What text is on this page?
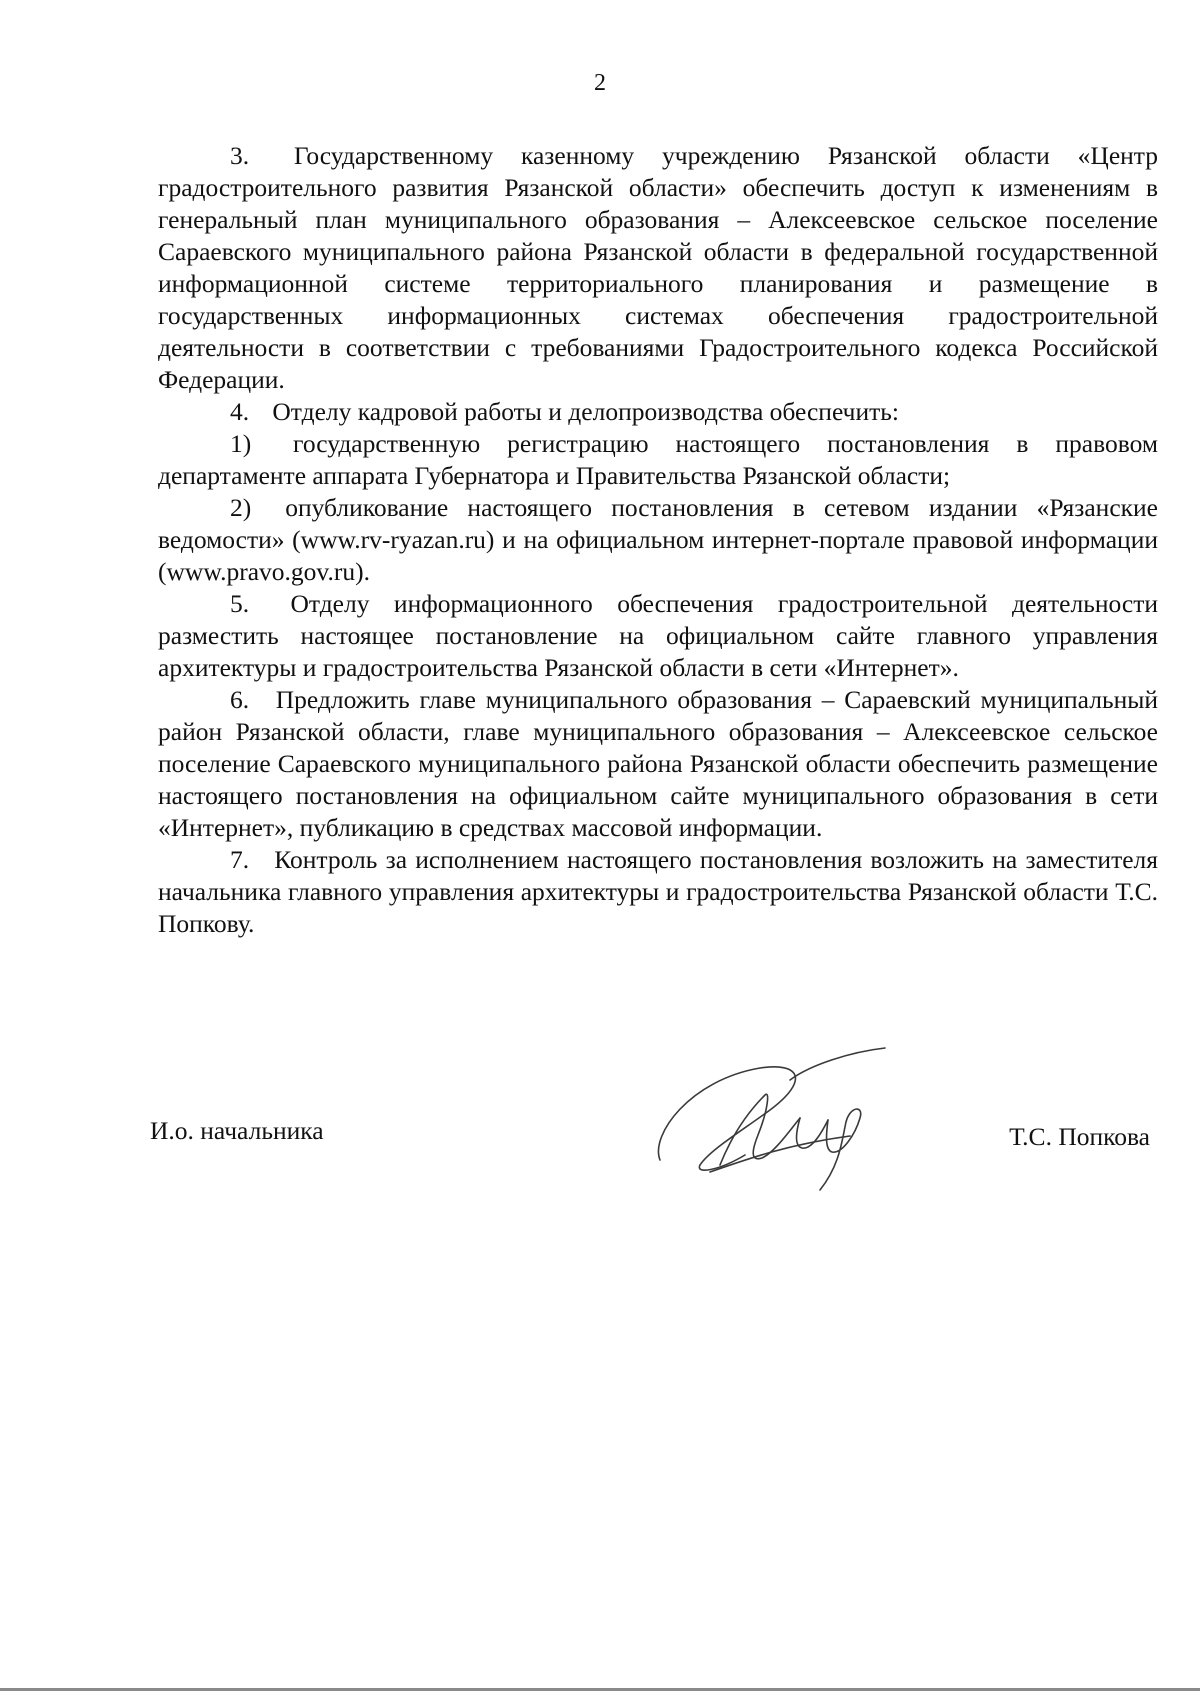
2

3. Государственному казенному учреждению Рязанской области «Центр градостроительного развития Рязанской области» обеспечить доступ к изменениям в генеральный план муниципального образования – Алексеевское сельское поселение Сараевского муниципального района Рязанской области в федеральной государственной информационной системе территориального планирования и размещение в государственных информационных системах обеспечения градостроительной деятельности в соответствии с требованиями Градостроительного кодекса Российской Федерации.

4. Отделу кадровой работы и делопроизводства обеспечить:

1) государственную регистрацию настоящего постановления в правовом департаменте аппарата Губернатора и Правительства Рязанской области;

2) опубликование настоящего постановления в сетевом издании «Рязанские ведомости» (www.rv-ryazan.ru) и на официальном интернет-портале правовой информации (www.pravo.gov.ru).

5. Отделу информационного обеспечения градостроительной деятельности разместить настоящее постановление на официальном сайте главного управления архитектуры и градостроительства Рязанской области в сети «Интернет».

6. Предложить главе муниципального образования – Сараевский муниципальный район Рязанской области, главе муниципального образования – Алексеевское сельское поселение Сараевского муниципального района Рязанской области обеспечить размещение настоящего постановления на официальном сайте муниципального образования в сети «Интернет», публикацию в средствах массовой информации.

7. Контроль за исполнением настоящего постановления возложить на заместителя начальника главного управления архитектуры и градостроительства Рязанской области Т.С. Попкову.

И.о. начальника	Т.С. Попкова
